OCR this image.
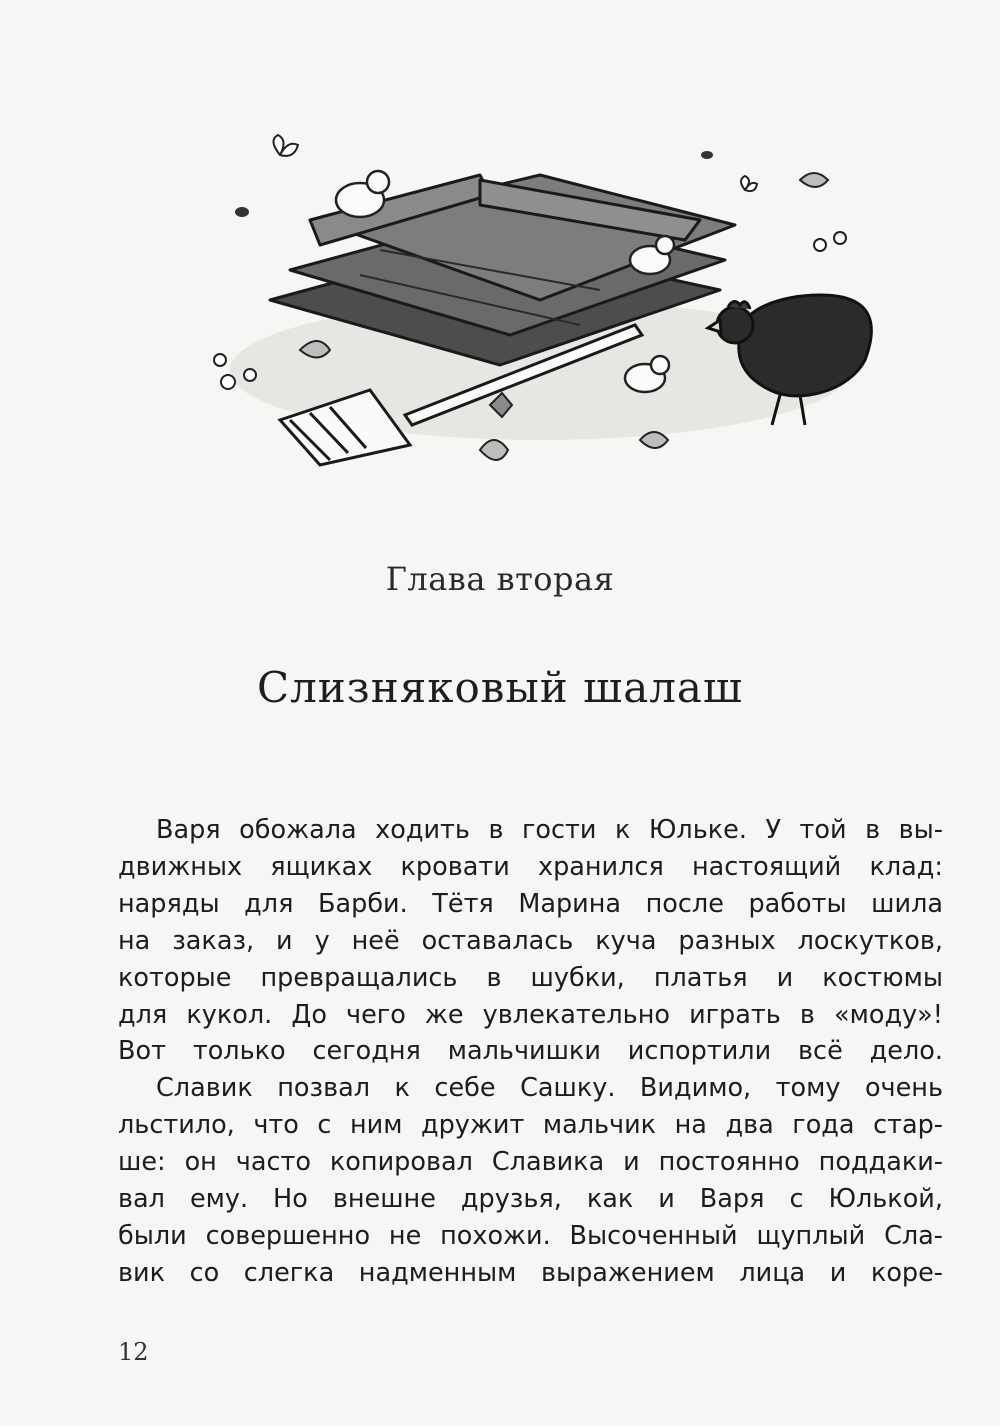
Глава вторая
Слизняковый шалаш
Варя обожала ходить в гости к Юльке. У той в вы-
движных ящиках кровати хранился настоящий клад:
наряды для Барби. Тётя Марина после работы шила
на заказ, и у неё оставалась куча разных лоскутков,
которые превращались в шубки, платья и костюмы
для кукол. До чего же увлекательно играть в «моду»!
Вот только сегодня мальчишки испортили всё дело.
Славик позвал к себе Сашку. Видимо, тому очень
льстило, что с ним дружит мальчик на два года стар-
ше: он часто копировал Славика и постоянно поддаки-
вал ему. Но внешне друзья, как и Варя с Юлькой,
были совершенно не похожи. Высоченный щуплый Сла-
вик со слегка надменным выражением лица и коре-
12
